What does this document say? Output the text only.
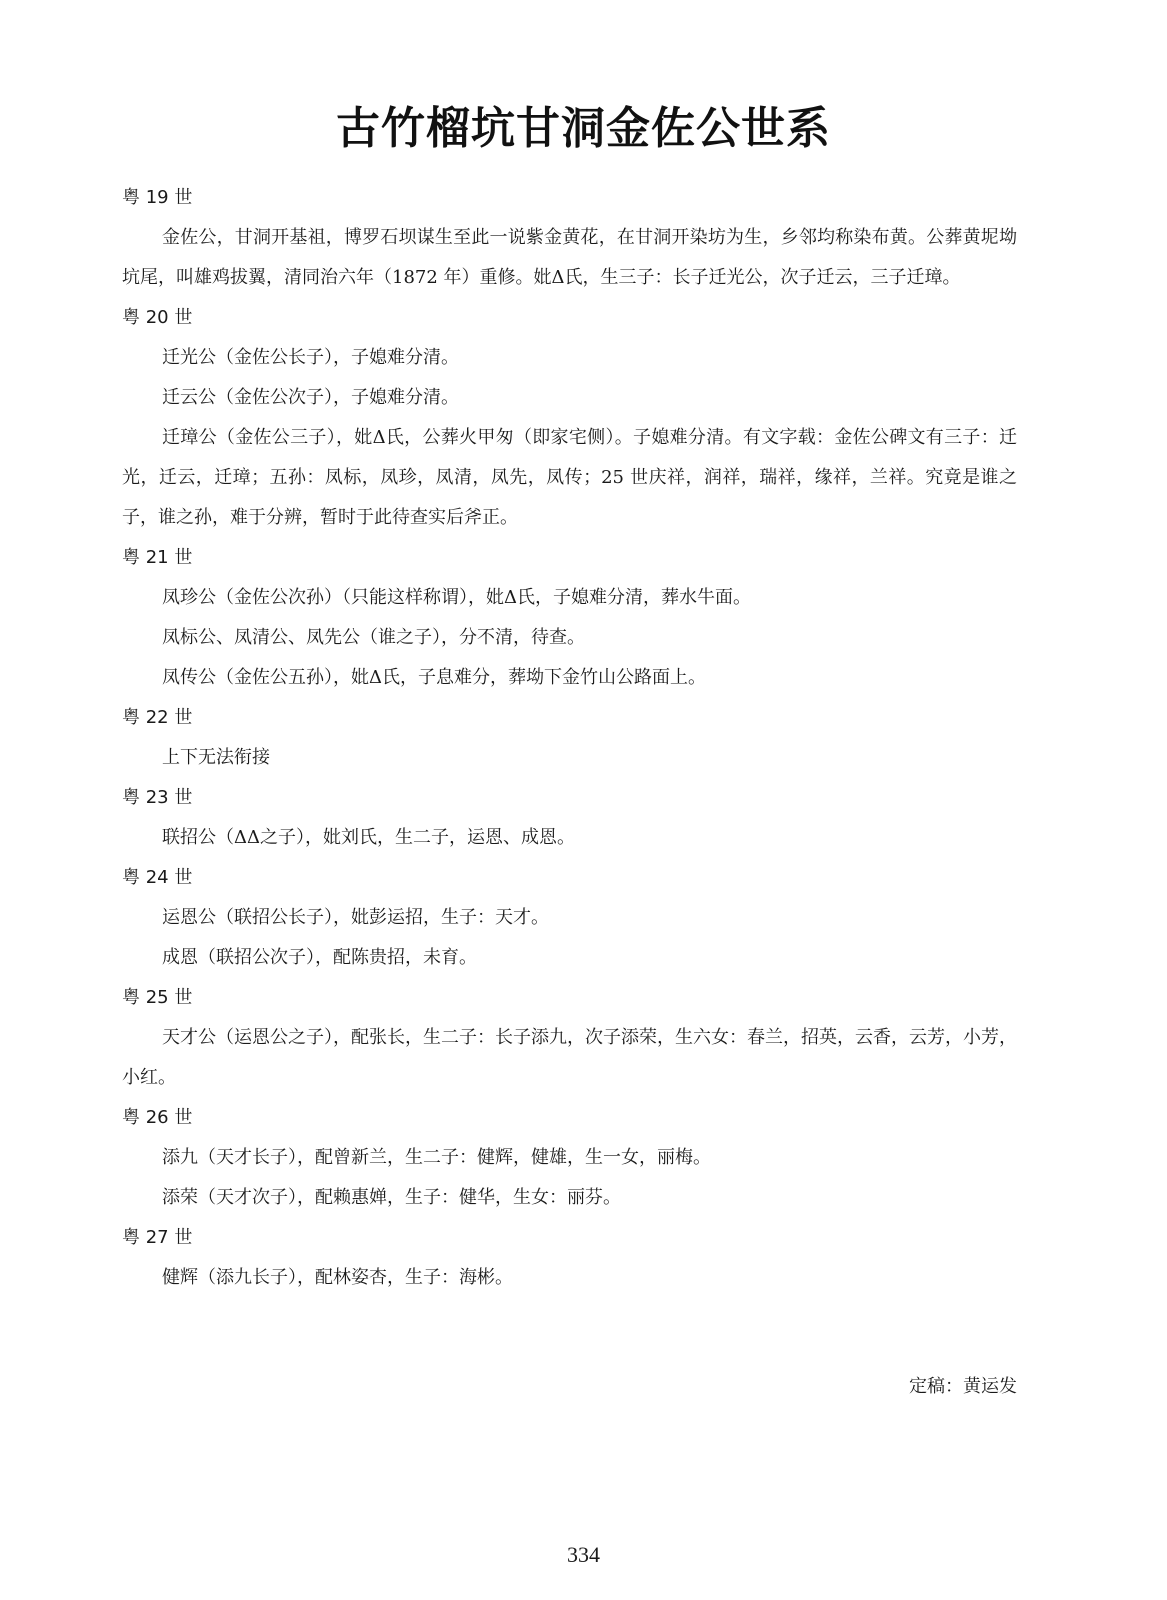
古竹榴坑甘洞金佐公世系
粤 19 世

金佐公，甘洞开基祖，博罗石坝谋生至此一说紫金黄花，在甘洞开染坊为生，乡邻均称染布黄。公葬黄坭坳坑尾，叫雄鸡拔翼，清同治六年（1872 年）重修。妣Δ氏，生三子：长子迁光公，次子迁云，三子迁璋。

粤 20 世

迁光公（金佐公长子），子媳难分清。

迁云公（金佐公次子），子媳难分清。

迁璋公（金佐公三子），妣Δ氏，公葬火甲匆（即家宅侧）。子媳难分清。有文字载：金佐公碑文有三子：迁光，迁云，迁璋；五孙：凤标，凤珍，凤清，凤先，凤传；25 世庆祥，润祥，瑞祥，缘祥，兰祥。究竟是谁之子，谁之孙，难于分辨，暂时于此待查实后斧正。

粤 21 世

凤珍公（金佐公次孙）（只能这样称谓），妣Δ氏，子媳难分清，葬水牛面。

凤标公、凤清公、凤先公（谁之子），分不清，待查。

凤传公（金佐公五孙），妣Δ氏，子息难分，葬坳下金竹山公路面上。

粤 22 世

上下无法衔接

粤 23 世

联招公（ΔΔ之子），妣刘氏，生二子，运恩、成恩。

粤 24 世

运恩公（联招公长子），妣彭运招，生子：天才。

成恩（联招公次子），配陈贵招，未育。

粤 25 世

天才公（运恩公之子），配张长，生二子：长子添九，次子添荣，生六女：春兰，招英，云香，云芳，小芳，小红。

粤 26 世

添九（天才长子），配曾新兰，生二子：健辉，健雄，生一女，丽梅。

添荣（天才次子），配赖惠婵，生子：健华，生女：丽芬。

粤 27 世

健辉（添九长子），配林姿杏，生子：海彬。

定稿：黄运发
334
